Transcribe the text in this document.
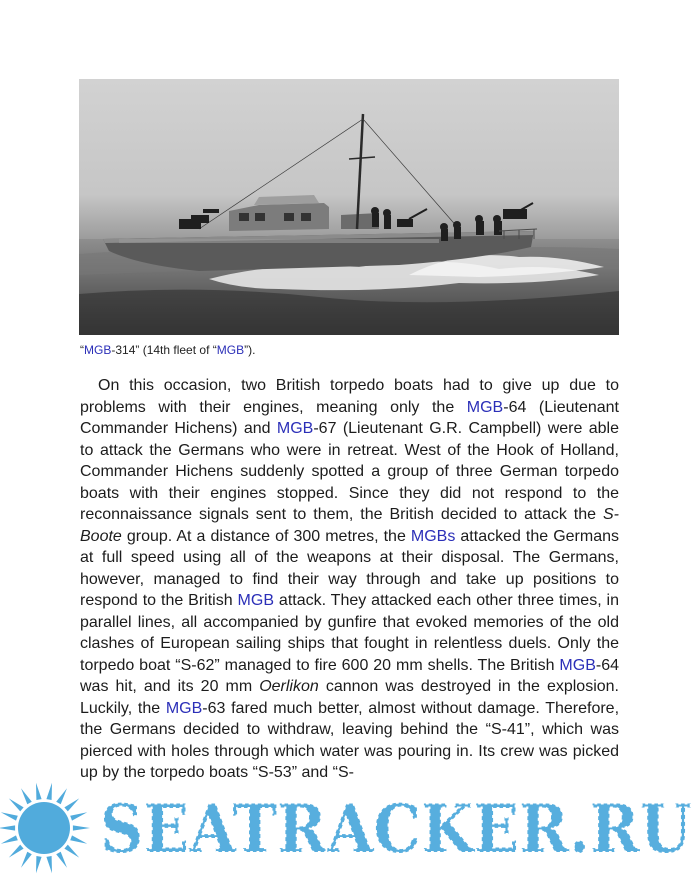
“MGB-314” (14th fleet of “MGB”).

On this occasion, two British torpedo boats had to give up due to problems with their engines, meaning only the MGB-64 (Lieutenant Commander Hichens) and MGB-67 (Lieutenant G.R. Campbell) were able to attack the Germans who were in retreat. West of the Hook of Holland, Commander Hichens suddenly spotted a group of three German torpedo boats with their engines stopped. Since they did not respond to the reconnaissance signals sent to them, the British decided to attack the S-Boote group. At a distance of 300 metres, the MGBs attacked the Germans at full speed using all of the weapons at their disposal. The Germans, however, managed to find their way through and take up positions to respond to the British MGB attack. They attacked each other three times, in parallel lines, all accompanied by gunfire that evoked memories of the old clashes of European sailing ships that fought in relentless duels. Only the torpedo boat “S-62” managed to fire 600 20 mm shells. The British MGB-64 was hit, and its 20 mm Oerlikon cannon was destroyed in the explosion. Luckily, the MGB-63 fared much better, almost without damage. Therefore, the Germans decided to withdraw, leaving behind the “S-41”, which was pierced with holes through which water was pouring in. Its crew was picked up by the torpedo boats “S-53” and “S-

SEATRACKER.RU
